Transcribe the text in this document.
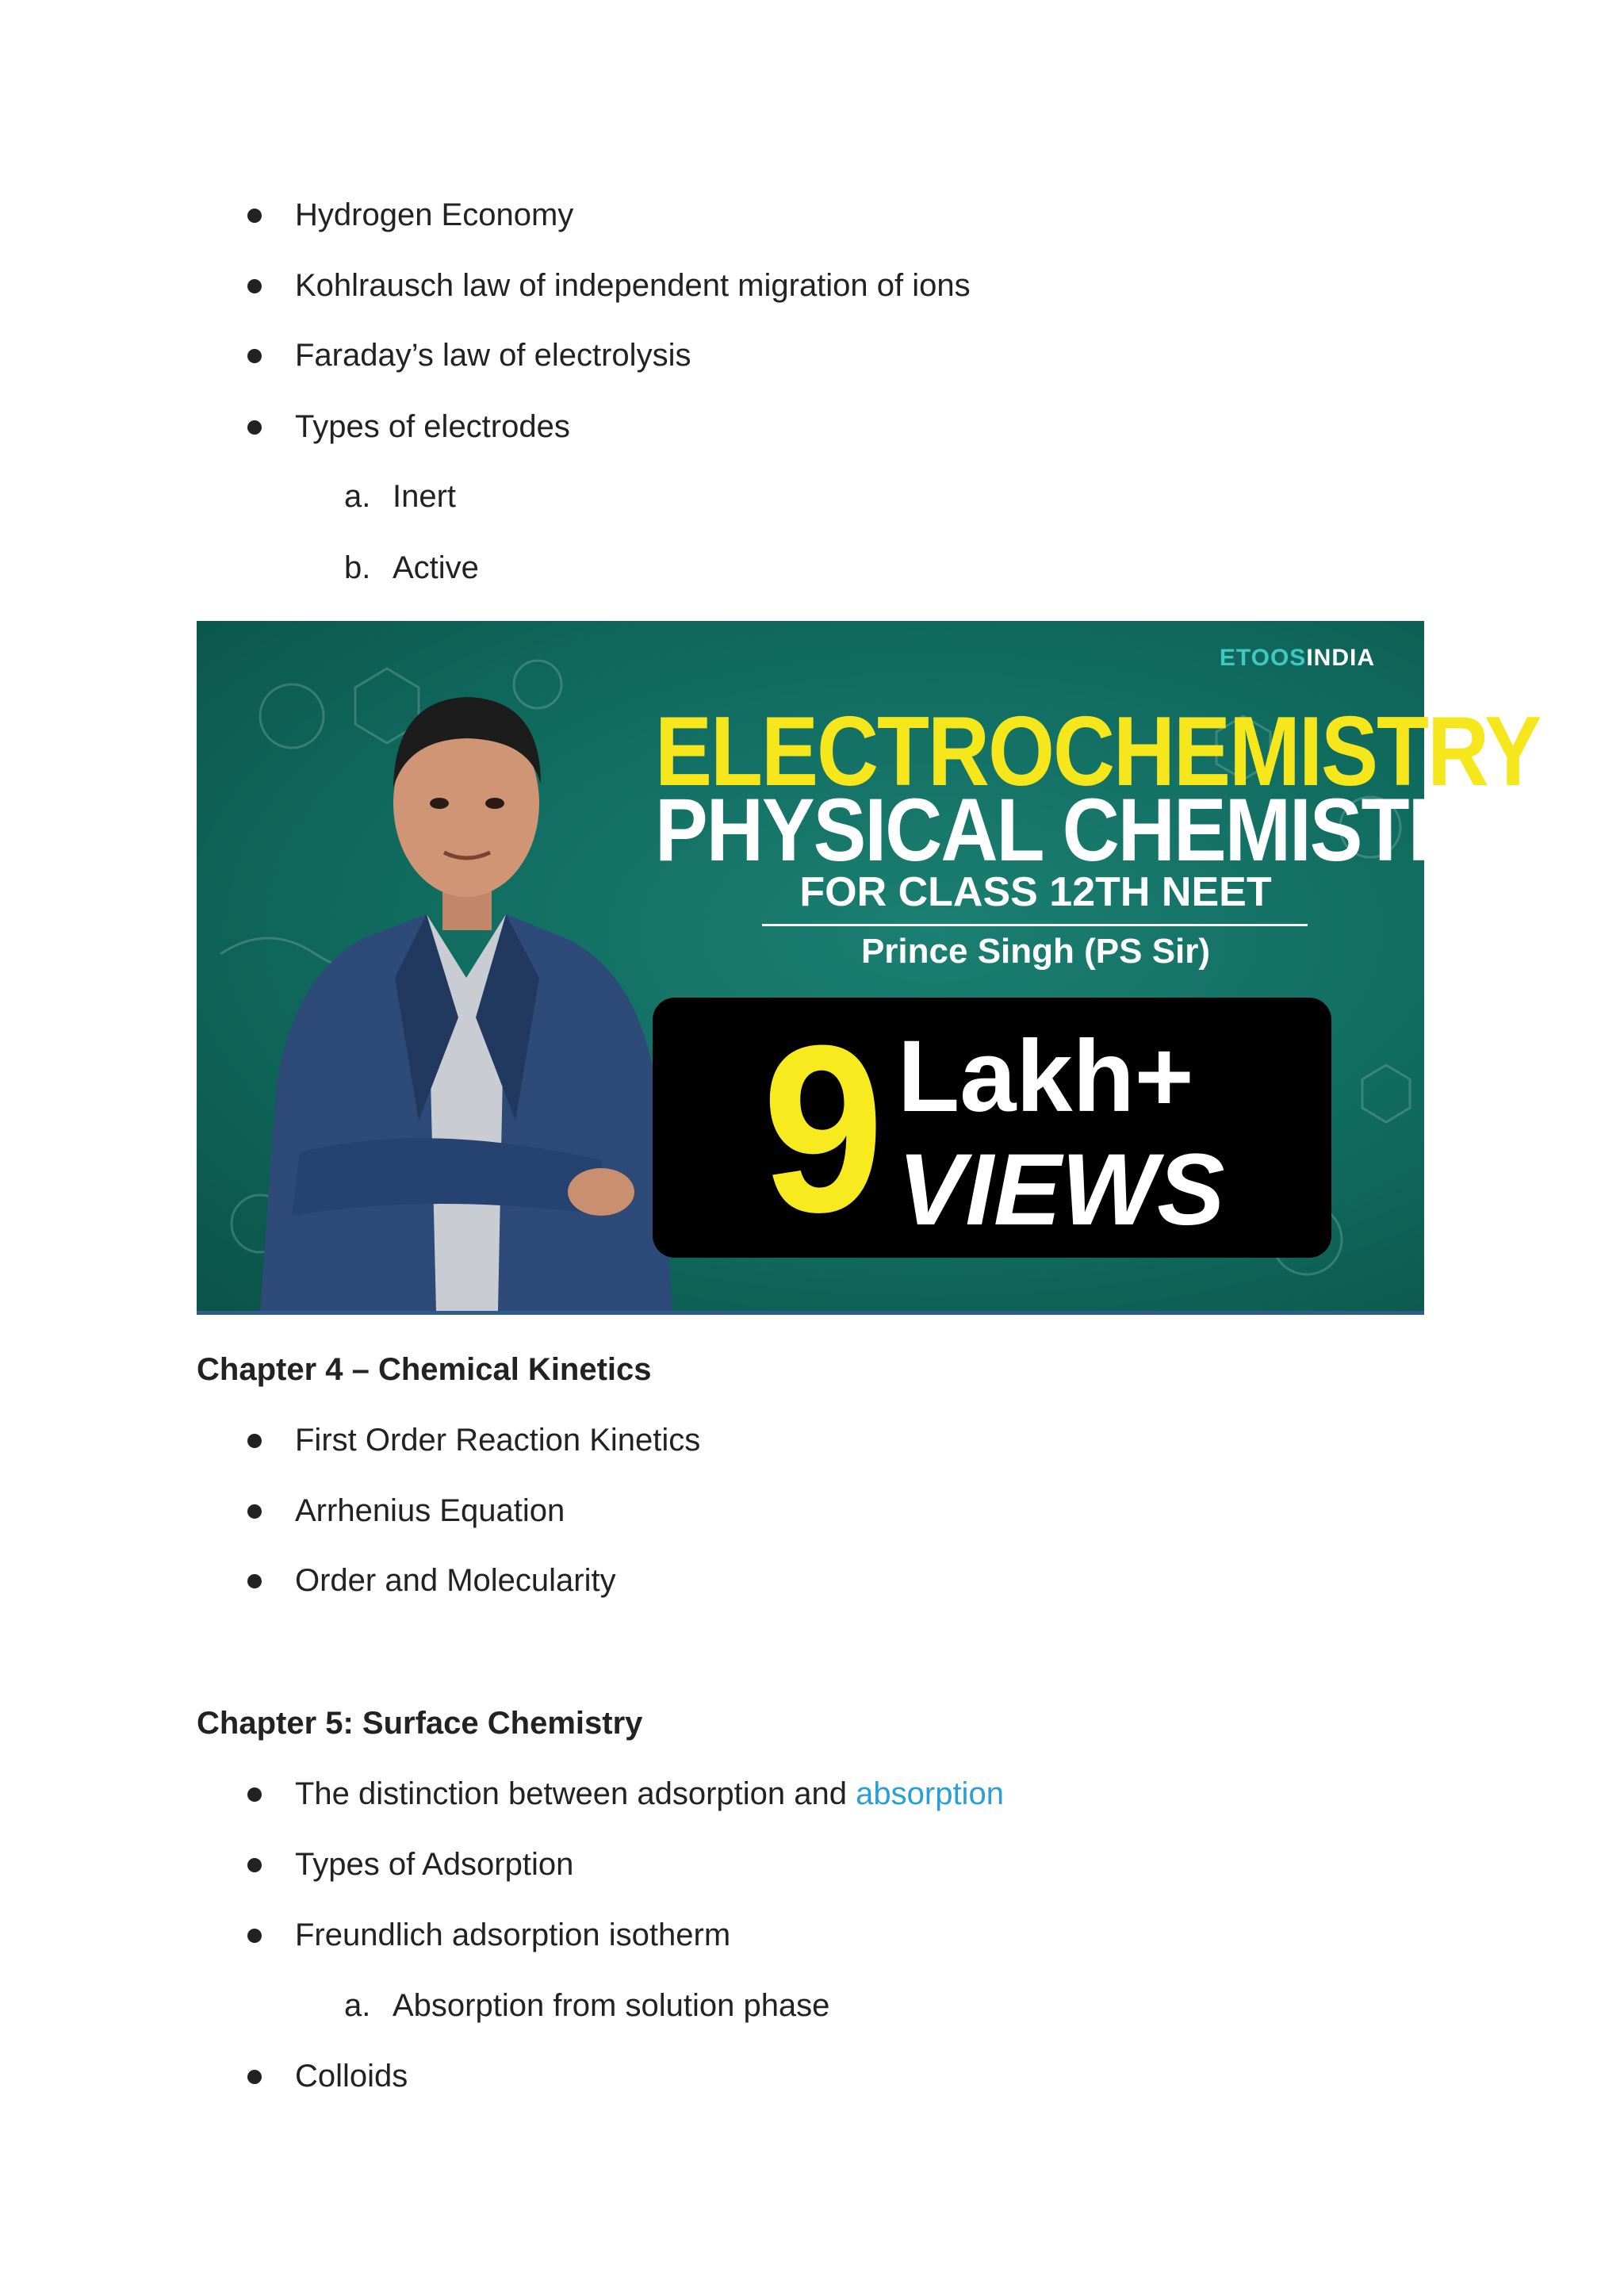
Hydrogen Economy
Kohlrausch law of independent migration of ions
Faraday’s law of electrolysis
Types of electrodes
a. Inert
b. Active
ETOOSINDIA
ELECTROCHEMISTRY
PHYSICAL CHEMISTRY
FOR CLASS 12TH NEET
Prince Singh (PS Sir)
9 Lakh+
VIEWS
Chapter 4 – Chemical Kinetics
First Order Reaction Kinetics
Arrhenius Equation
Order and Molecularity
Chapter 5: Surface Chemistry
The distinction between adsorption and absorption
Types of Adsorption
Freundlich adsorption isotherm
a. Absorption from solution phase
Colloids
